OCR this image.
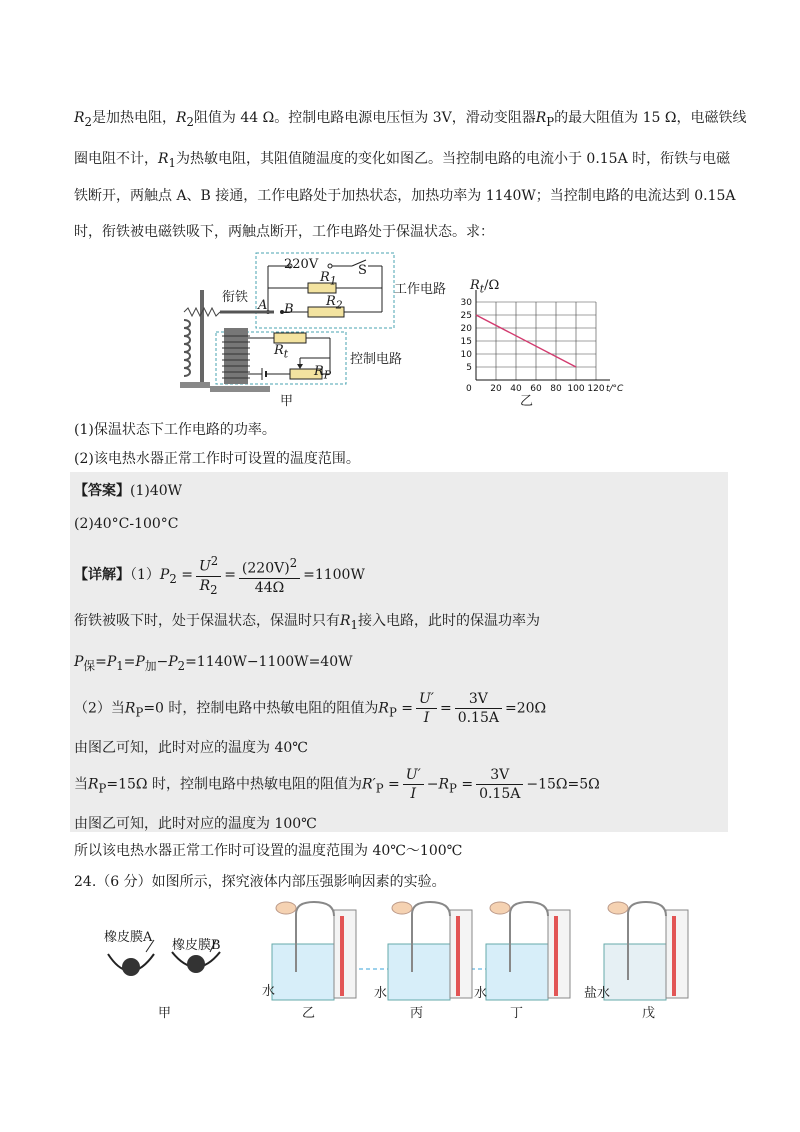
$R_2$是加热电阻，$R_2$阻值为 44 Ω。控制电路电源电压恒为 3V，滑动变阻器$R_P$的最大阻值为 15 Ω，电磁铁线
圈电阻不计，$R_1$为热敏电阻，其阻值随温度的变化如图乙。当控制电路的电流小于 0.15A 时，衔铁与电磁
铁断开，两触点 A、B 接通，工作电路处于加热状态，加热功率为 1140W；当控制电路的电流达到 0.15A
时，衔铁被电磁铁吸下，两触点断开，工作电路处于保温状态。求：
220V	S
$R_1$
$R_2$
衔铁
A B
工作电路
控制电路
$R_t$
$R_P$
甲
20 40 60 80 100 120
5
10
15
20
25
30
0	t/°C
$R_t/\Omega$
乙
(1)保温状态下工作电路的功率。
(2)该电热水器正常工作时可设置的温度范围。
【答案】(1)40W
(2)40°C-100°C
【详解】$(1)P_2 = \frac{U^2}{R_2} = \frac{(220V)^2}{44\Omega} =1100W$
衔铁被吸下时，处于保温状态，保温时只有$R_1$接入电路，此时的保温功率为
$P_保=P_1=P_加-P_2=1140W-1100W=40W$
（2）当$R_P=0$ 时，控制电路中热敏电阻的阻值为$R_P = \frac{U'}{I} = \frac{3V}{0.15A} =20\Omega$
由图乙可知，此时对应的温度为 40℃
当$R_P=15\Omega$ 时，控制电路中热敏电阻的阻值为$R'_P = \frac{U'}{I} -R_P = \frac{3V}{0.15A} -15\Omega=5\Omega$
由图乙可知，此时对应的温度为 100℃
所以该电热水器正常工作时可设置的温度范围为 40℃～100℃
24.（6 分）如图所示，探究液体内部压强影响因素的实验。
橡皮膜A
橡皮膜B
水	水	水	盐水
甲	乙	丙	丁	戊
